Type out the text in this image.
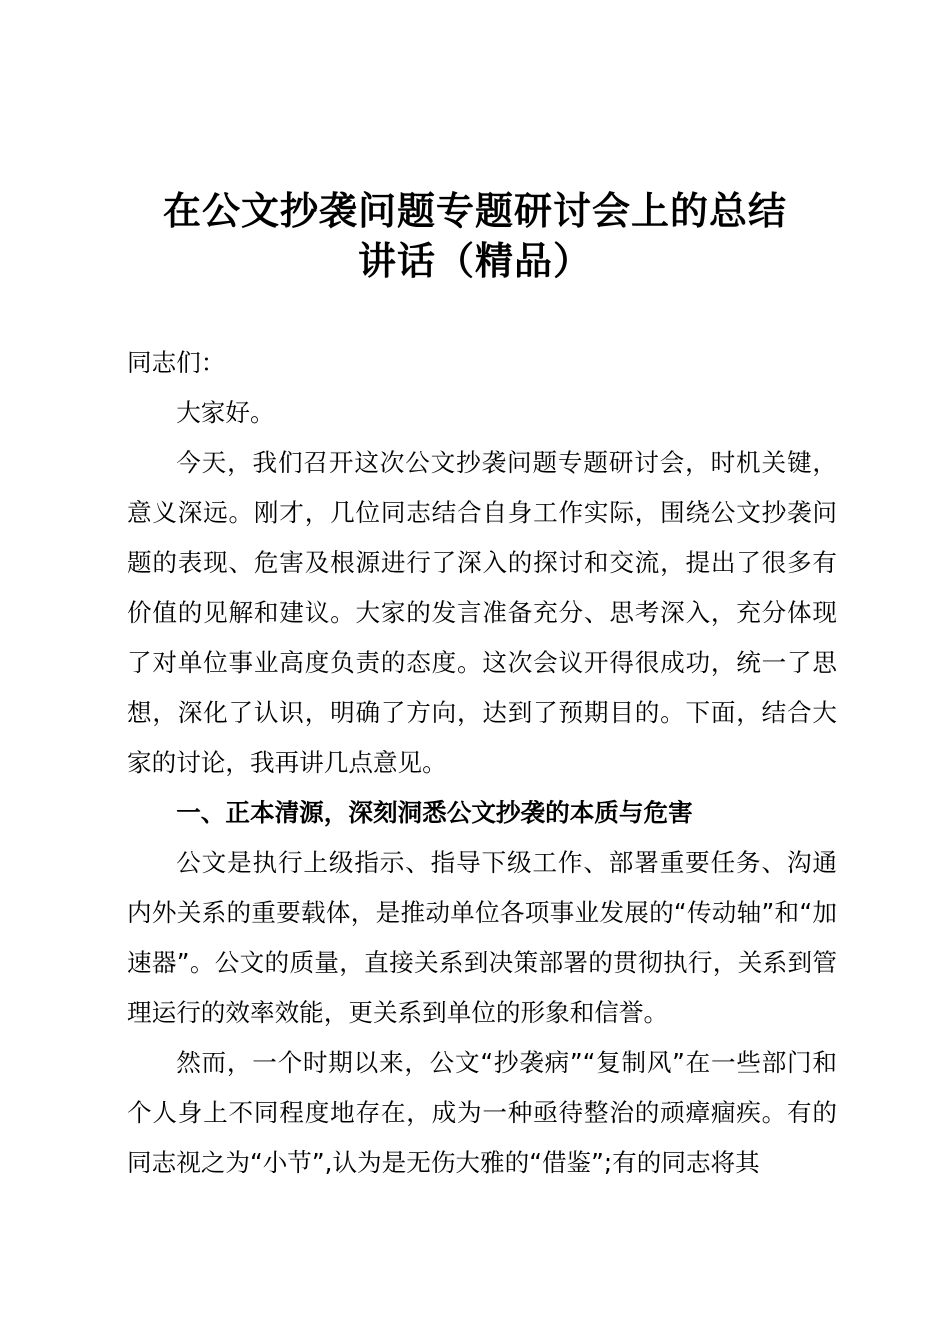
在公文抄袭问题专题研讨会上的总结
讲话（精品）

同志们：

大家好。

今天，我们召开这次公文抄袭问题专题研讨会，时机关键，意义深远。刚才，几位同志结合自身工作实际，围绕公文抄袭问题的表现、危害及根源进行了深入的探讨和交流，提出了很多有价值的见解和建议。大家的发言准备充分、思考深入，充分体现了对单位事业高度负责的态度。这次会议开得很成功，统一了思想，深化了认识，明确了方向，达到了预期目的。下面，结合大家的讨论，我再讲几点意见。

一、正本清源，深刻洞悉公文抄袭的本质与危害

公文是执行上级指示、指导下级工作、部署重要任务、沟通内外关系的重要载体，是推动单位各项事业发展的“传动轴”和“加速器”。公文的质量，直接关系到决策部署的贯彻执行，关系到管理运行的效率效能，更关系到单位的形象和信誉。

然而，一个时期以来，公文“抄袭病”“复制风”在一些部门和个人身上不同程度地存在，成为一种亟待整治的顽瘴痼疾。有的同志视之为“小节”,认为是无伤大雅的“借鉴”;有的同志将其
